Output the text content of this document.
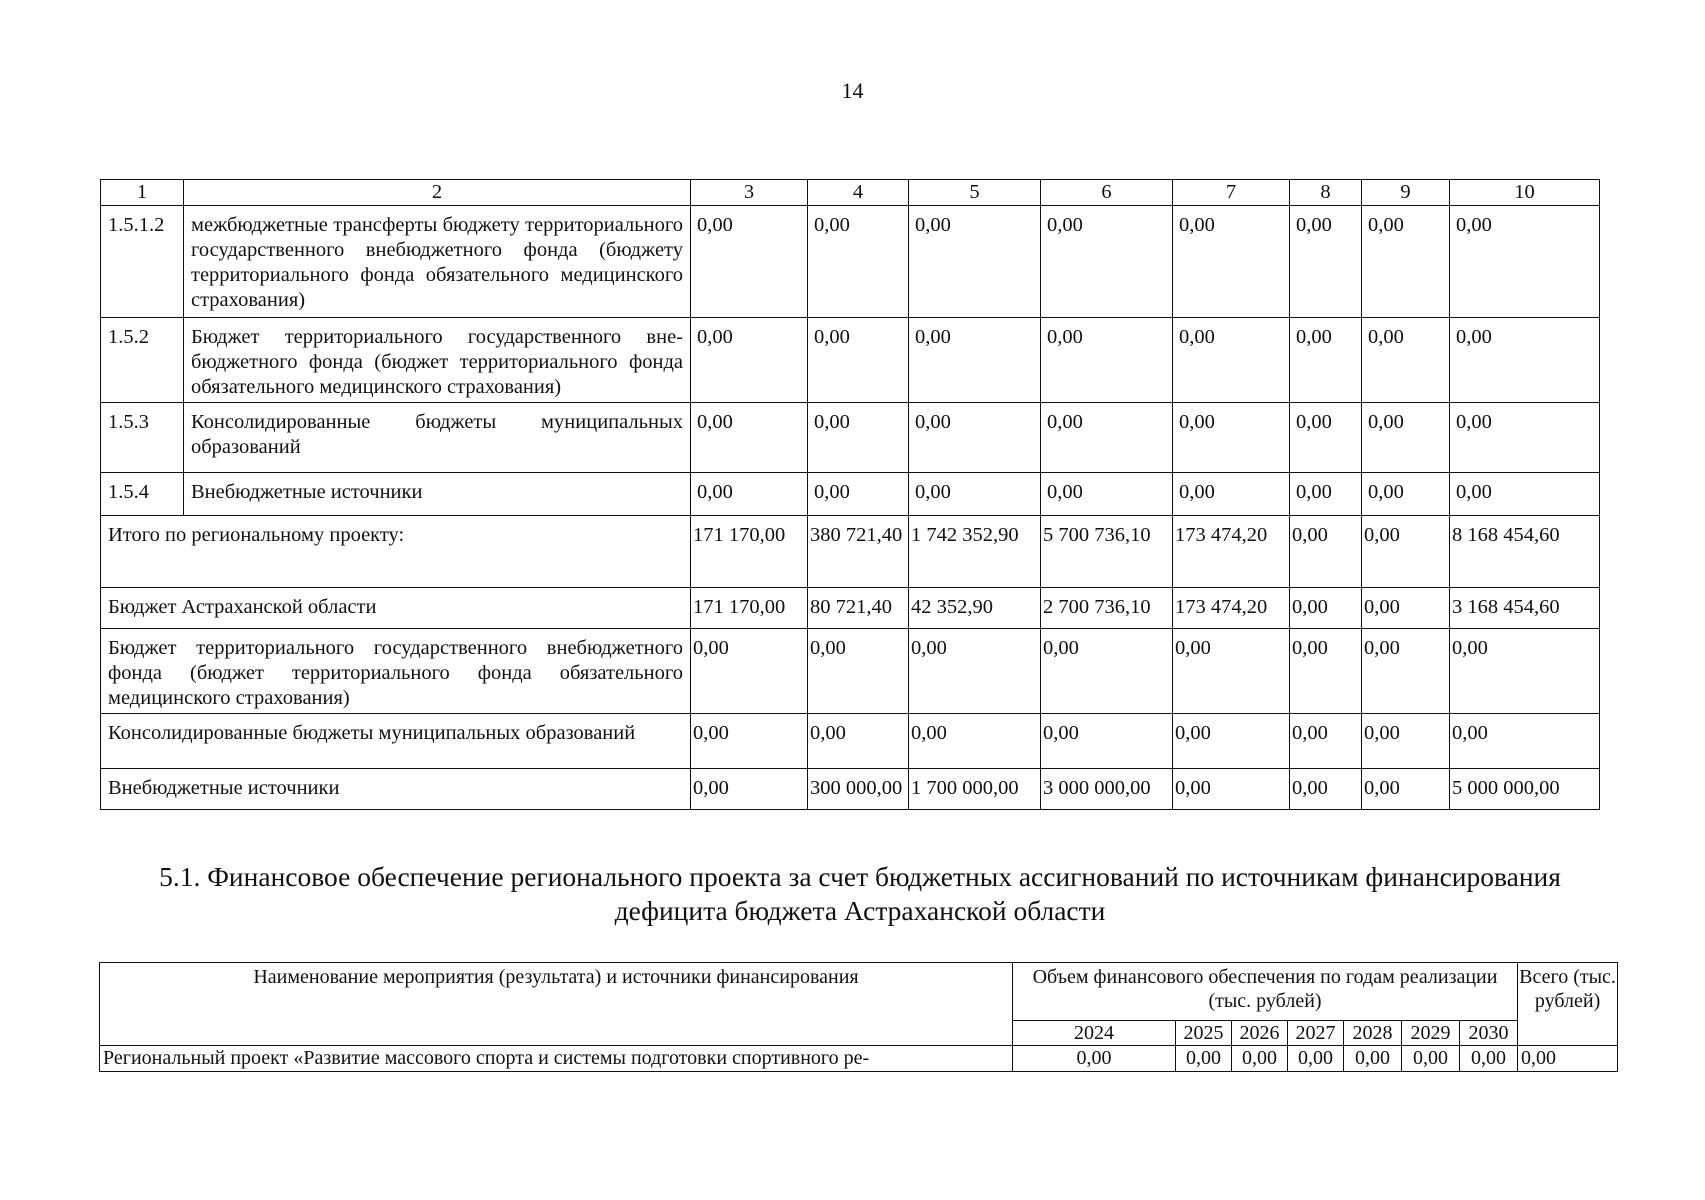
14
1	2	3	4	5	6	7	8	9	10
1.5.1.2	межбюджетные трансферты бюджету территориального государственного внебюджетного фонда (бюджету территориального фонда обязательного медицинского страхования)	0,00	0,00	0,00	0,00	0,00	0,00	0,00	0,00
1.5.2	Бюджет территориального государственного внебюджетного фонда (бюджет территориального фонда обязательного медицинского страхования)	0,00	0,00	0,00	0,00	0,00	0,00	0,00	0,00
1.5.3	Консолидированные бюджеты муниципальных образований	0,00	0,00	0,00	0,00	0,00	0,00	0,00	0,00
1.5.4	Внебюджетные источники	0,00	0,00	0,00	0,00	0,00	0,00	0,00	0,00
Итого по региональному проекту:		171 170,00	380 721,40	1 742 352,90	5 700 736,10	173 474,20	0,00	0,00	8 168 454,60
Бюджет Астраханской области		171 170,00	80 721,40	42 352,90	2 700 736,10	173 474,20	0,00	0,00	3 168 454,60
Бюджет территориального государственного внебюджетного фонда (бюджет территориального фонда обязательного медицинского страхования)		0,00	0,00	0,00	0,00	0,00	0,00	0,00	0,00
Консолидированные бюджеты муниципальных образований		0,00	0,00	0,00	0,00	0,00	0,00	0,00	0,00
Внебюджетные источники		0,00	300 000,00	1 700 000,00	3 000 000,00	0,00	0,00	0,00	5 000 000,00
5.1. Финансовое обеспечение регионального проекта за счет бюджетных ассигнований по источникам финансирования дефицита бюджета Астраханской области
Наименование мероприятия (результата) и источники финансирования	Объем финансового обеспечения по годам реализации (тыс. рублей)							Всего (тыс. рублей)
	2024	2025	2026	2027	2028	2029	2030	
Региональный проект «Развитие массового спорта и системы подготовки спортивного ре-	0,00	0,00	0,00	0,00	0,00	0,00	0,00	0,00
